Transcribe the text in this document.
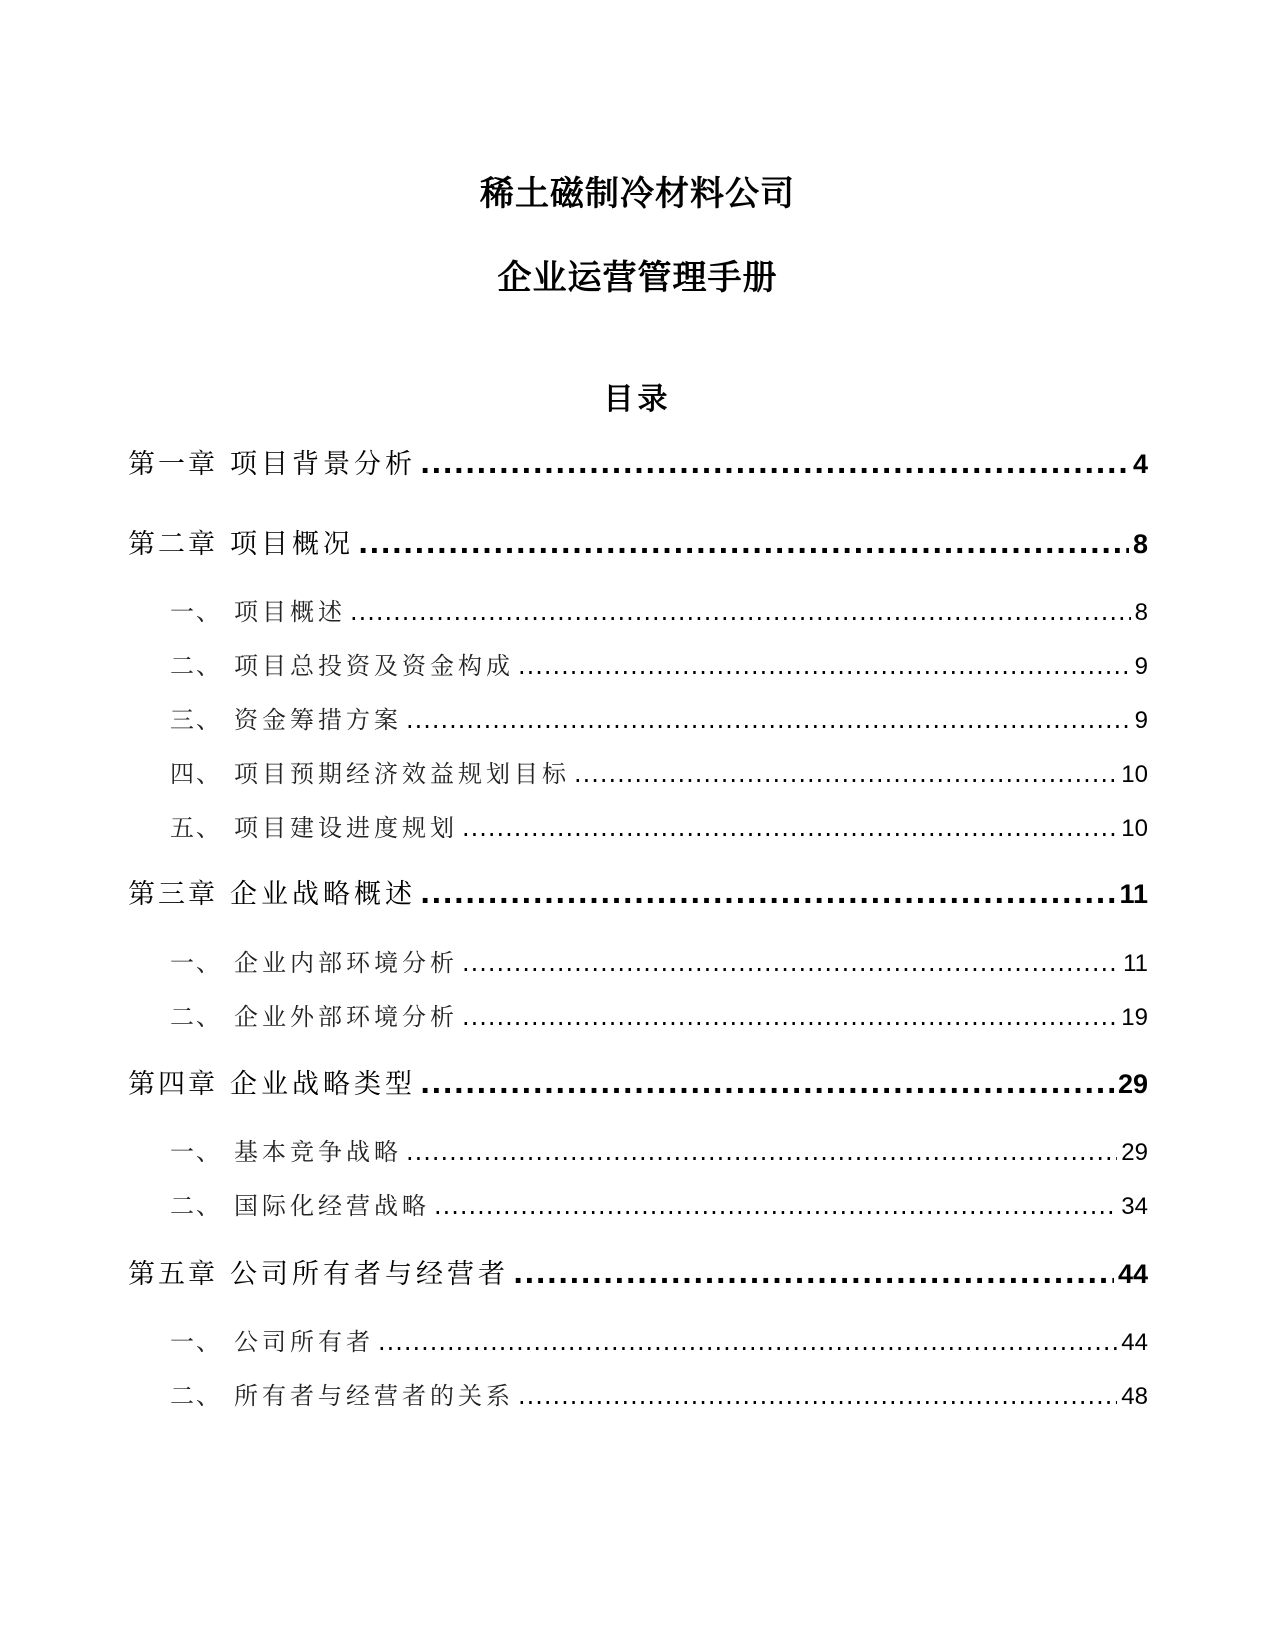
稀土磁制冷材料公司
企业运营管理手册
目录
第一章 项目背景分析 .....	4
第二章 项目概况 .....	8
一、 项目概述 .....	8
二、 项目总投资及资金构成 .....	9
三、 资金筹措方案 .....	9
四、 项目预期经济效益规划目标 .....	10
五、 项目建设进度规划 .....	10
第三章 企业战略概述 .....	11
一、 企业内部环境分析 .....	11
二、 企业外部环境分析 .....	19
第四章 企业战略类型 .....	29
一、 基本竞争战略 .....	29
二、 国际化经营战略 .....	34
第五章 公司所有者与经营者 .....	44
一、 公司所有者 .....	44
二、 所有者与经营者的关系 .....	48
